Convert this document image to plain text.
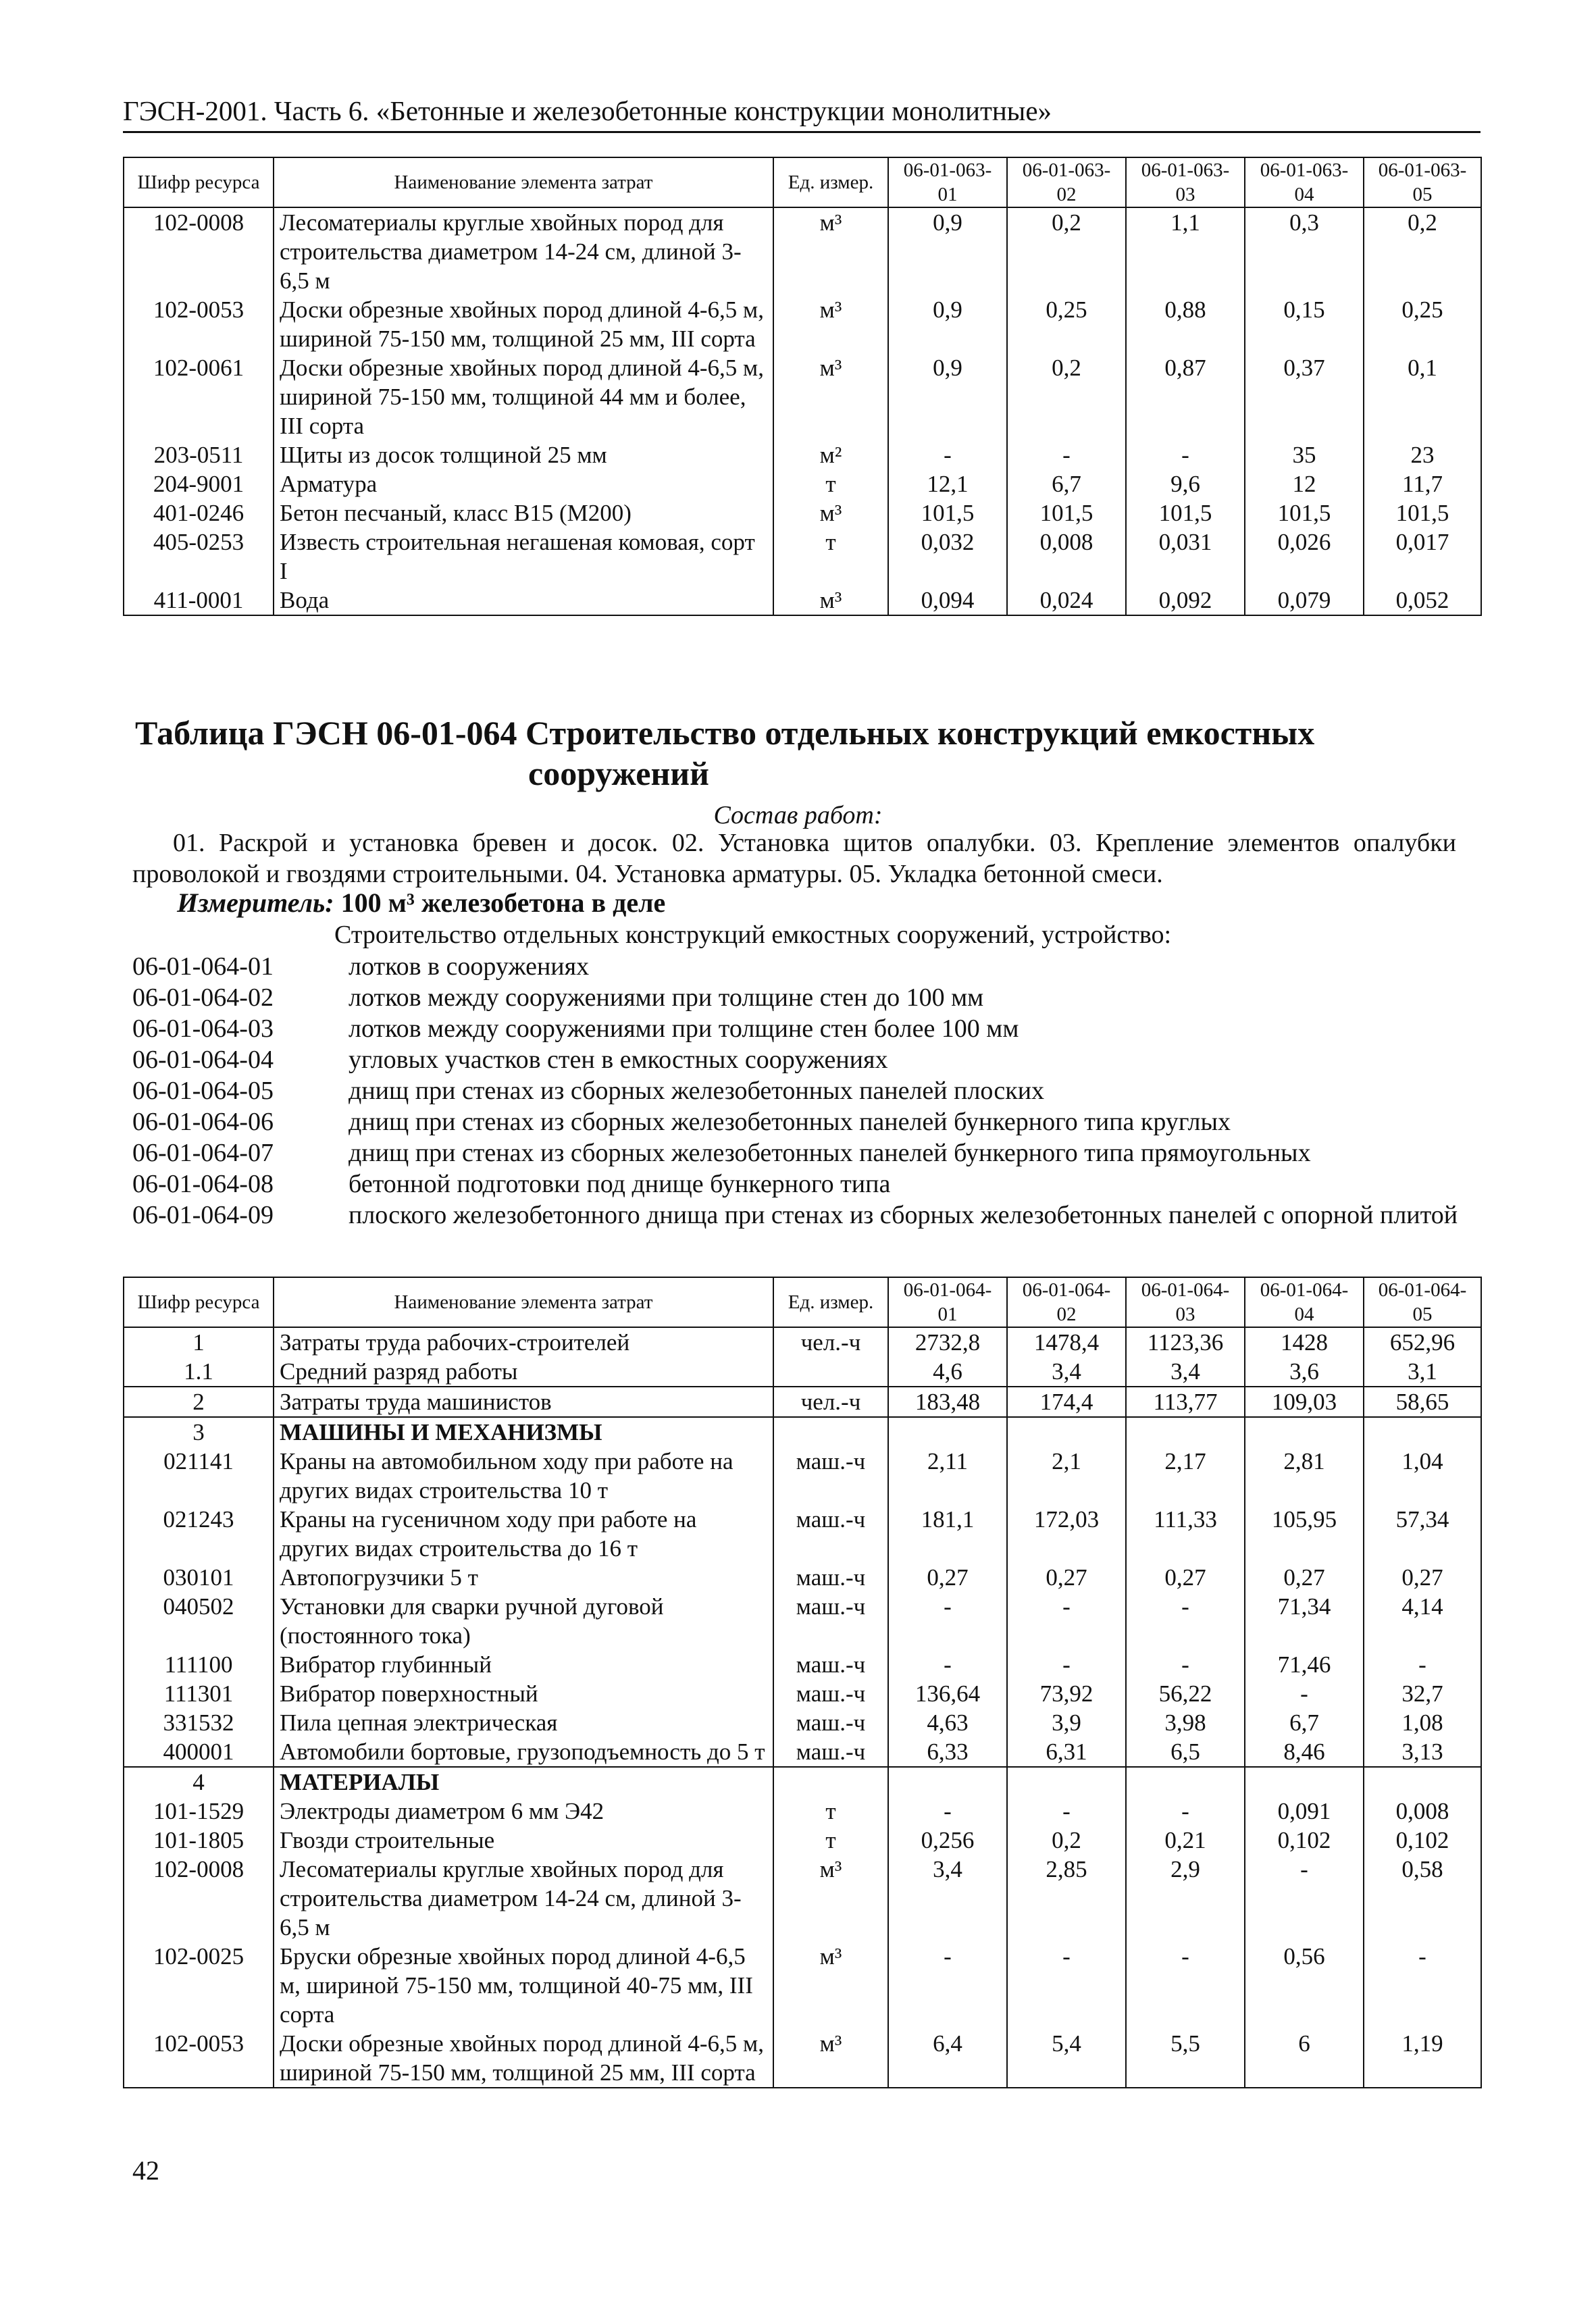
ГЭСН-2001. Часть 6. «Бетонные и железобетонные конструкции монолитные»
Шифр ресурса	Наименование элемента затрат	Ед. измер.	06-01-063-01	06-01-063-02	06-01-063-03	06-01-063-04	06-01-063-05
102-0008	Лесоматериалы круглые хвойных пород для строительства диаметром 14-24 см, длиной 3-6,5 м	м³	0,9	0,2	1,1	0,3	0,2
102-0053	Доски обрезные хвойных пород длиной 4-6,5 м, шириной 75-150 мм, толщиной 25 мм, III сорта	м³	0,9	0,25	0,88	0,15	0,25
102-0061	Доски обрезные хвойных пород длиной 4-6,5 м, шириной 75-150 мм, толщиной 44 мм и более, III сорта	м³	0,9	0,2	0,87	0,37	0,1
203-0511	Щиты из досок толщиной 25 мм	м²	-	-	-	35	23
204-9001	Арматура	т	12,1	6,7	9,6	12	11,7
401-0246	Бетон песчаный, класс B15 (М200)	м³	101,5	101,5	101,5	101,5	101,5
405-0253	Известь строительная негашеная комовая, сорт I	т	0,032	0,008	0,031	0,026	0,017
411-0001	Вода	м³	0,094	0,024	0,092	0,079	0,052
Таблица ГЭСН 06-01-064 Строительство отдельных конструкций емкостных
сооружений
Состав работ:
01. Раскрой и установка бревен и досок. 02. Установка щитов опалубки. 03. Крепление элементов опалубки проволокой и гвоздями строительными. 04. Установка арматуры. 05. Укладка бетонной смеси.
Измеритель: 100 м³ железобетона в деле
Строительство отдельных конструкций емкостных сооружений, устройство:
06-01-064-01	лотков в сооружениях
06-01-064-02	лотков между сооружениями при толщине стен до 100 мм
06-01-064-03	лотков между сооружениями при толщине стен более 100 мм
06-01-064-04	угловых участков стен в емкостных сооружениях
06-01-064-05	днищ при стенах из сборных железобетонных панелей плоских
06-01-064-06	днищ при стенах из сборных железобетонных панелей бункерного типа круглых
06-01-064-07	днищ при стенах из сборных железобетонных панелей бункерного типа прямоугольных
06-01-064-08	бетонной подготовки под днище бункерного типа
06-01-064-09	плоского железобетонного днища при стенах из сборных железобетонных панелей с опорной плитой
Шифр ресурса	Наименование элемента затрат	Ед. измер.	06-01-064-01	06-01-064-02	06-01-064-03	06-01-064-04	06-01-064-05
1	Затраты труда рабочих-строителей	чел.-ч	2732,8	1478,4	1123,36	1428	652,96
1.1	Средний разряд работы		4,6	3,4	3,4	3,6	3,1
2	Затраты труда машинистов	чел.-ч	183,48	174,4	113,77	109,03	58,65
3	МАШИНЫ И МЕХАНИЗМЫ						
021141	Краны на автомобильном ходу при работе на других видах строительства 10 т	маш.-ч	2,11	2,1	2,17	2,81	1,04
021243	Краны на гусеничном ходу при работе на других видах строительства до 16 т	маш.-ч	181,1	172,03	111,33	105,95	57,34
030101	Автопогрузчики 5 т	маш.-ч	0,27	0,27	0,27	0,27	0,27
040502	Установки для сварки ручной дуговой (постоянного тока)	маш.-ч	-	-	-	71,34	4,14
111100	Вибратор глубинный	маш.-ч	-	-	-	71,46	-
111301	Вибратор поверхностный	маш.-ч	136,64	73,92	56,22	-	32,7
331532	Пила цепная электрическая	маш.-ч	4,63	3,9	3,98	6,7	1,08
400001	Автомобили бортовые, грузоподъемность до 5 т	маш.-ч	6,33	6,31	6,5	8,46	3,13
4	МАТЕРИАЛЫ						
101-1529	Электроды диаметром 6 мм Э42	т	-	-	-	0,091	0,008
101-1805	Гвозди строительные	т	0,256	0,2	0,21	0,102	0,102
102-0008	Лесоматериалы круглые хвойных пород для строительства диаметром 14-24 см, длиной 3-6,5 м	м³	3,4	2,85	2,9	-	0,58
102-0025	Бруски обрезные хвойных пород длиной 4-6,5 м, шириной 75-150 мм, толщиной 40-75 мм, III сорта	м³	-	-	-	0,56	-
102-0053	Доски обрезные хвойных пород длиной 4-6,5 м, шириной 75-150 мм, толщиной 25 мм, III сорта	м³	6,4	5,4	5,5	6	1,19
42
